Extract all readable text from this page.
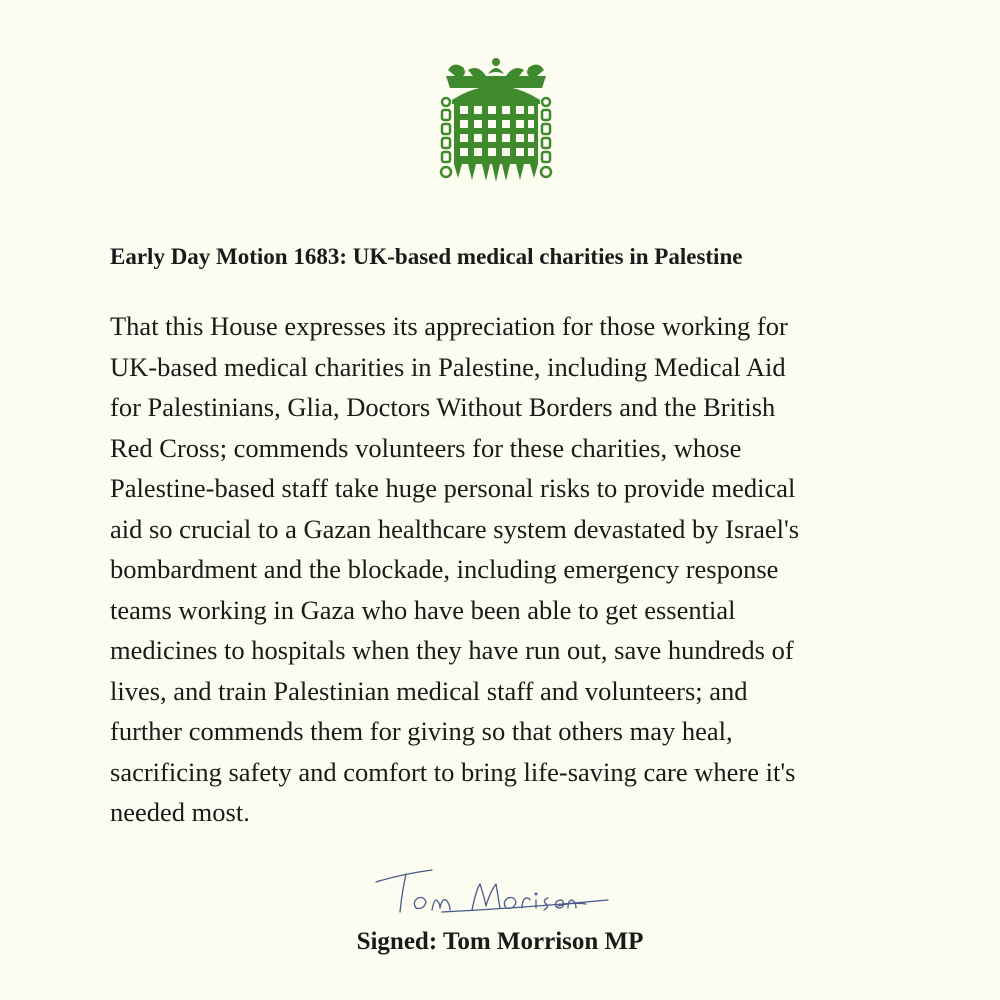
Early Day Motion 1683: UK-based medical charities in Palestine

That this House expresses its appreciation for those working for
UK-based medical charities in Palestine, including Medical Aid
for Palestinians, Glia, Doctors Without Borders and the British
Red Cross; commends volunteers for these charities, whose
Palestine-based staff take huge personal risks to provide medical
aid so crucial to a Gazan healthcare system devastated by Israel's
bombardment and the blockade, including emergency response
teams working in Gaza who have been able to get essential
medicines to hospitals when they have run out, save hundreds of
lives, and train Palestinian medical staff and volunteers; and
further commends them for giving so that others may heal,
sacrificing safety and comfort to bring life-saving care where it's
needed most.

Signed: Tom Morrison MP
